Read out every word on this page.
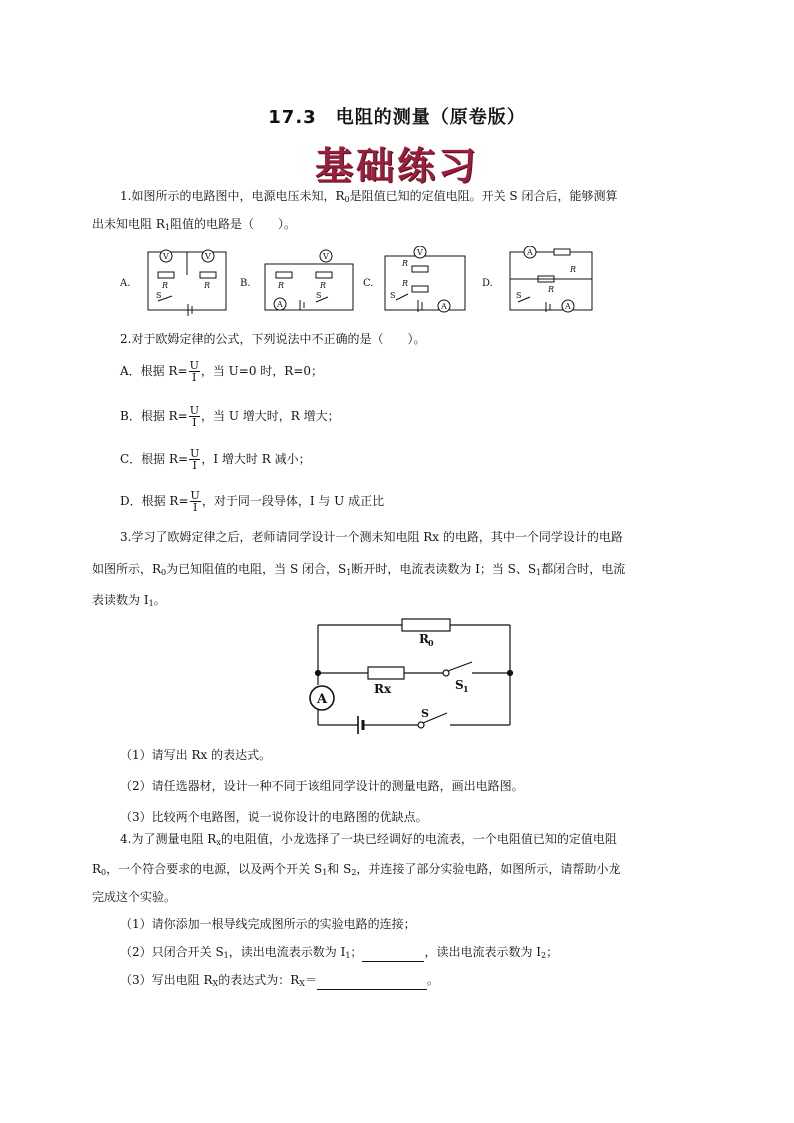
17.3　电阻的测量（原卷版）
基础练习
1.如图所示的电路图中，电源电压未知，$R_0$是阻值已知的定值电阻。开关 S 闭合后，能够测算
出未知电阻 $R_1$阻值的电路是（　　）。
A.	B.	C.	D.
V	V	V	V
A	A
A
A
S	S	S	S
R	R	R	R
R
R
R
R
2.对于欧姆定律的公式，下列说法中不正确的是（　　）。
A．根据 $R= \frac{U}{I}$ ，当 U=0 时，R=0；
B．根据 $R= \frac{U}{I}$ ，当 U 增大时，R 增大；
C．根据 $R= \frac{U}{I}$ ，I 增大时 R 减小；
D．根据 $R= \frac{U}{I}$ ，对于同一段导体，I 与 U 成正比
3.学习了欧姆定律之后，老师请同学设计一个测未知电阻 Rx 的电路，其中一个同学设计的电路
如图所示，$R_0$为已知阻值的电阻，当 S 闭合，$S_1$断开时，电流表读数为 I；当 S、$S_1$都闭合时，电流
表读数为 $I_1$。
A
R 0
Rx	S 1
S
（1）请写出 Rx 的表达式。
（2）请任选器材，设计一种不同于该组同学设计的测量电路，画出电路图。
（3）比较两个电路图，说一说你设计的电路图的优缺点。
4.为了测量电阻 $R_x$的电阻值，小龙选择了一块已经调好的电流表，一个电阻值已知的定值电阻
$R_0$，一个符合要求的电源，以及两个开关 $S_1$和 $S_2$，并连接了部分实验电路，如图所示，请帮助小龙
完成这个实验。
（1）请你添加一根导线完成图所示的实验电路的连接；
（2）只闭合开关 $S_1$，读出电流表示数为 $I_1$；	，读出电流表示数为 $I_2$；
（3）写出电阻 $R_X$的表达式为：$R_X=$	。
